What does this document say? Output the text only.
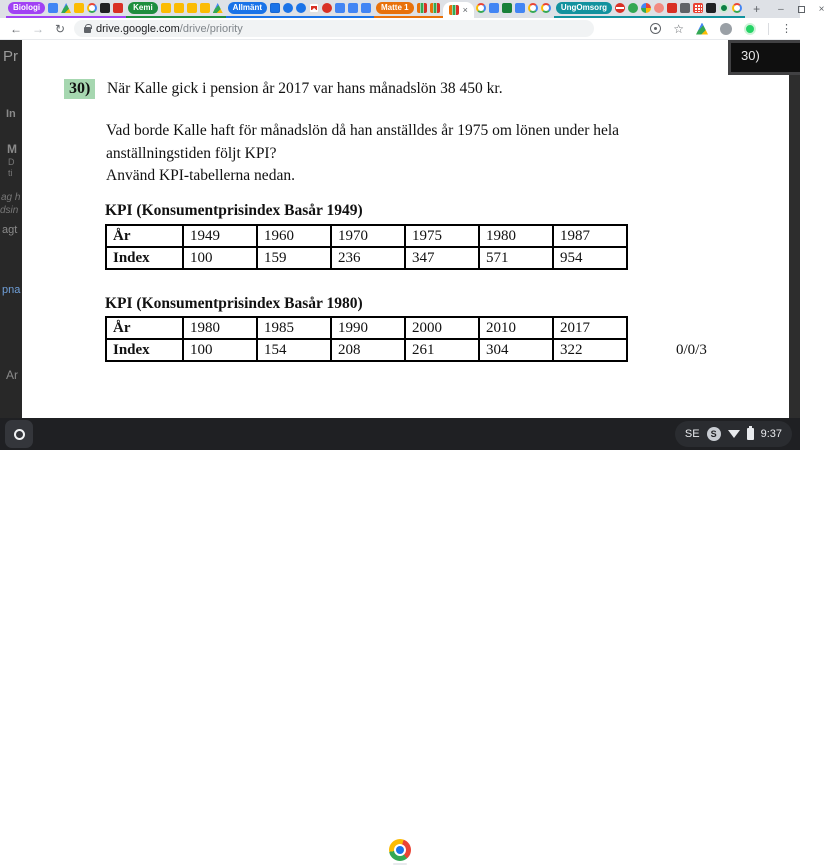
Biologi	Kemi	Allmänt	Matte 1	×	UngOmsorg	+	–	×
← → ↻	drive.google.com/drive/priority	☆	⋮
Pr
In
M
D
ti
ag h
dsin
agt
pna
Ar
30)	När Kalle gick i pension år 2017 var hans månadslön 38 450 kr.
Vad borde Kalle haft för månadslön då han anställdes år 1975 om lönen under hela
anställningstiden följt KPI?
Använd KPI-tabellerna nedan.
KPI (Konsumentprisindex Basår 1949)
År	1949	1960	1970	1975	1980	1987
Index	100	159	236	347	571	954
KPI (Konsumentprisindex Basår 1980)
År	1980	1985	1990	2000	2010	2017
Index	100	154	208	261	304	322	0/0/3
30)
SE	S	9:37
